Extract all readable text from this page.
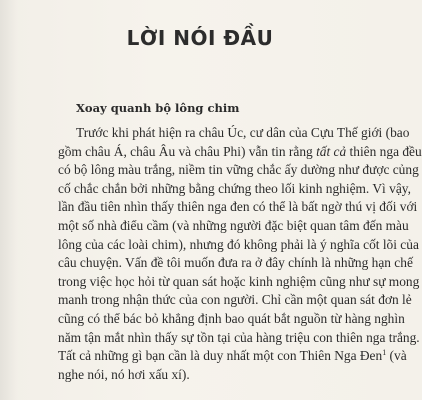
LỜI NÓI ĐẦU
Xoay quanh bộ lông chim
Trước khi phát hiện ra châu Úc, cư dân của Cựu Thế giới (bao
gồm châu Á, châu Âu và châu Phi) vẫn tin rằng tất cả thiên nga đều
có bộ lông màu trắng, niềm tin vững chắc ấy dường như được củng
cố chắc chắn bởi những bằng chứng theo lối kinh nghiệm. Vì vậy,
lần đầu tiên nhìn thấy thiên nga đen có thể là bất ngờ thú vị đối với
một số nhà điểu cầm (và những người đặc biệt quan tâm đến màu
lông của các loài chim), nhưng đó không phải là ý nghĩa cốt lõi của
câu chuyện. Vấn đề tôi muốn đưa ra ở đây chính là những hạn chế
trong việc học hỏi từ quan sát hoặc kinh nghiệm cũng như sự mong
manh trong nhận thức của con người. Chỉ cần một quan sát đơn lẻ
cũng có thể bác bỏ khẳng định bao quát bắt nguồn từ hàng nghìn
năm tận mắt nhìn thấy sự tồn tại của hàng triệu con thiên nga trắng.
Tất cả những gì bạn cần là duy nhất một con Thiên Nga Đen$^1$ (và
nghe nói, nó hơi xấu xí).
